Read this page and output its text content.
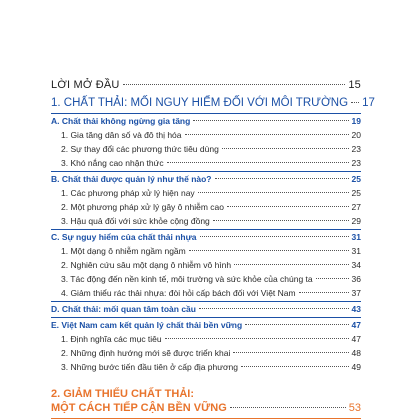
LỜI MỞ ĐẦU	15
1. CHẤT THẢI: MỐI NGUY HIỂM ĐỐI VỚI MÔI TRƯỜNG 17
A. Chất thải không ngừng gia tăng	19
1. Gia tăng dân số và đô thị hóa	20
2. Sự thay đổi các phương thức tiêu dùng	23
3. Khó nắng cao nhận thức	23
B. Chất thải được quản lý như thế nào?	25
1. Các phương pháp xử lý hiện nay	25
2. Một phương pháp xử lý gây ô nhiễm cao	27
3. Hậu quả đối với sức khỏe cộng đồng	29
C. Sự nguy hiểm của chất thải nhựa	31
1. Một dạng ô nhiễm ngầm ngầm	31
2. Nghiên cứu sâu một dạng ô nhiễm vô hình	34
3. Tác động đến nền kinh tế, môi trường và sức khỏe của chúng ta	36
4. Giảm thiểu rác thải nhựa: đòi hỏi cấp bách đối với Việt Nam	37
D. Chất thải: mối quan tâm toàn cầu	43
E. Việt Nam cam kết quản lý chất thải bền vững	47
1. Định nghĩa các mục tiêu	47
2. Những định hướng mới sẽ được triển khai	48
3. Những bước tiến đầu tiên ở cấp địa phương	49
2. GIẢM THIỂU CHẤT THẢI:
MỘT CÁCH TIẾP CẬN BỀN VỮNG	53
